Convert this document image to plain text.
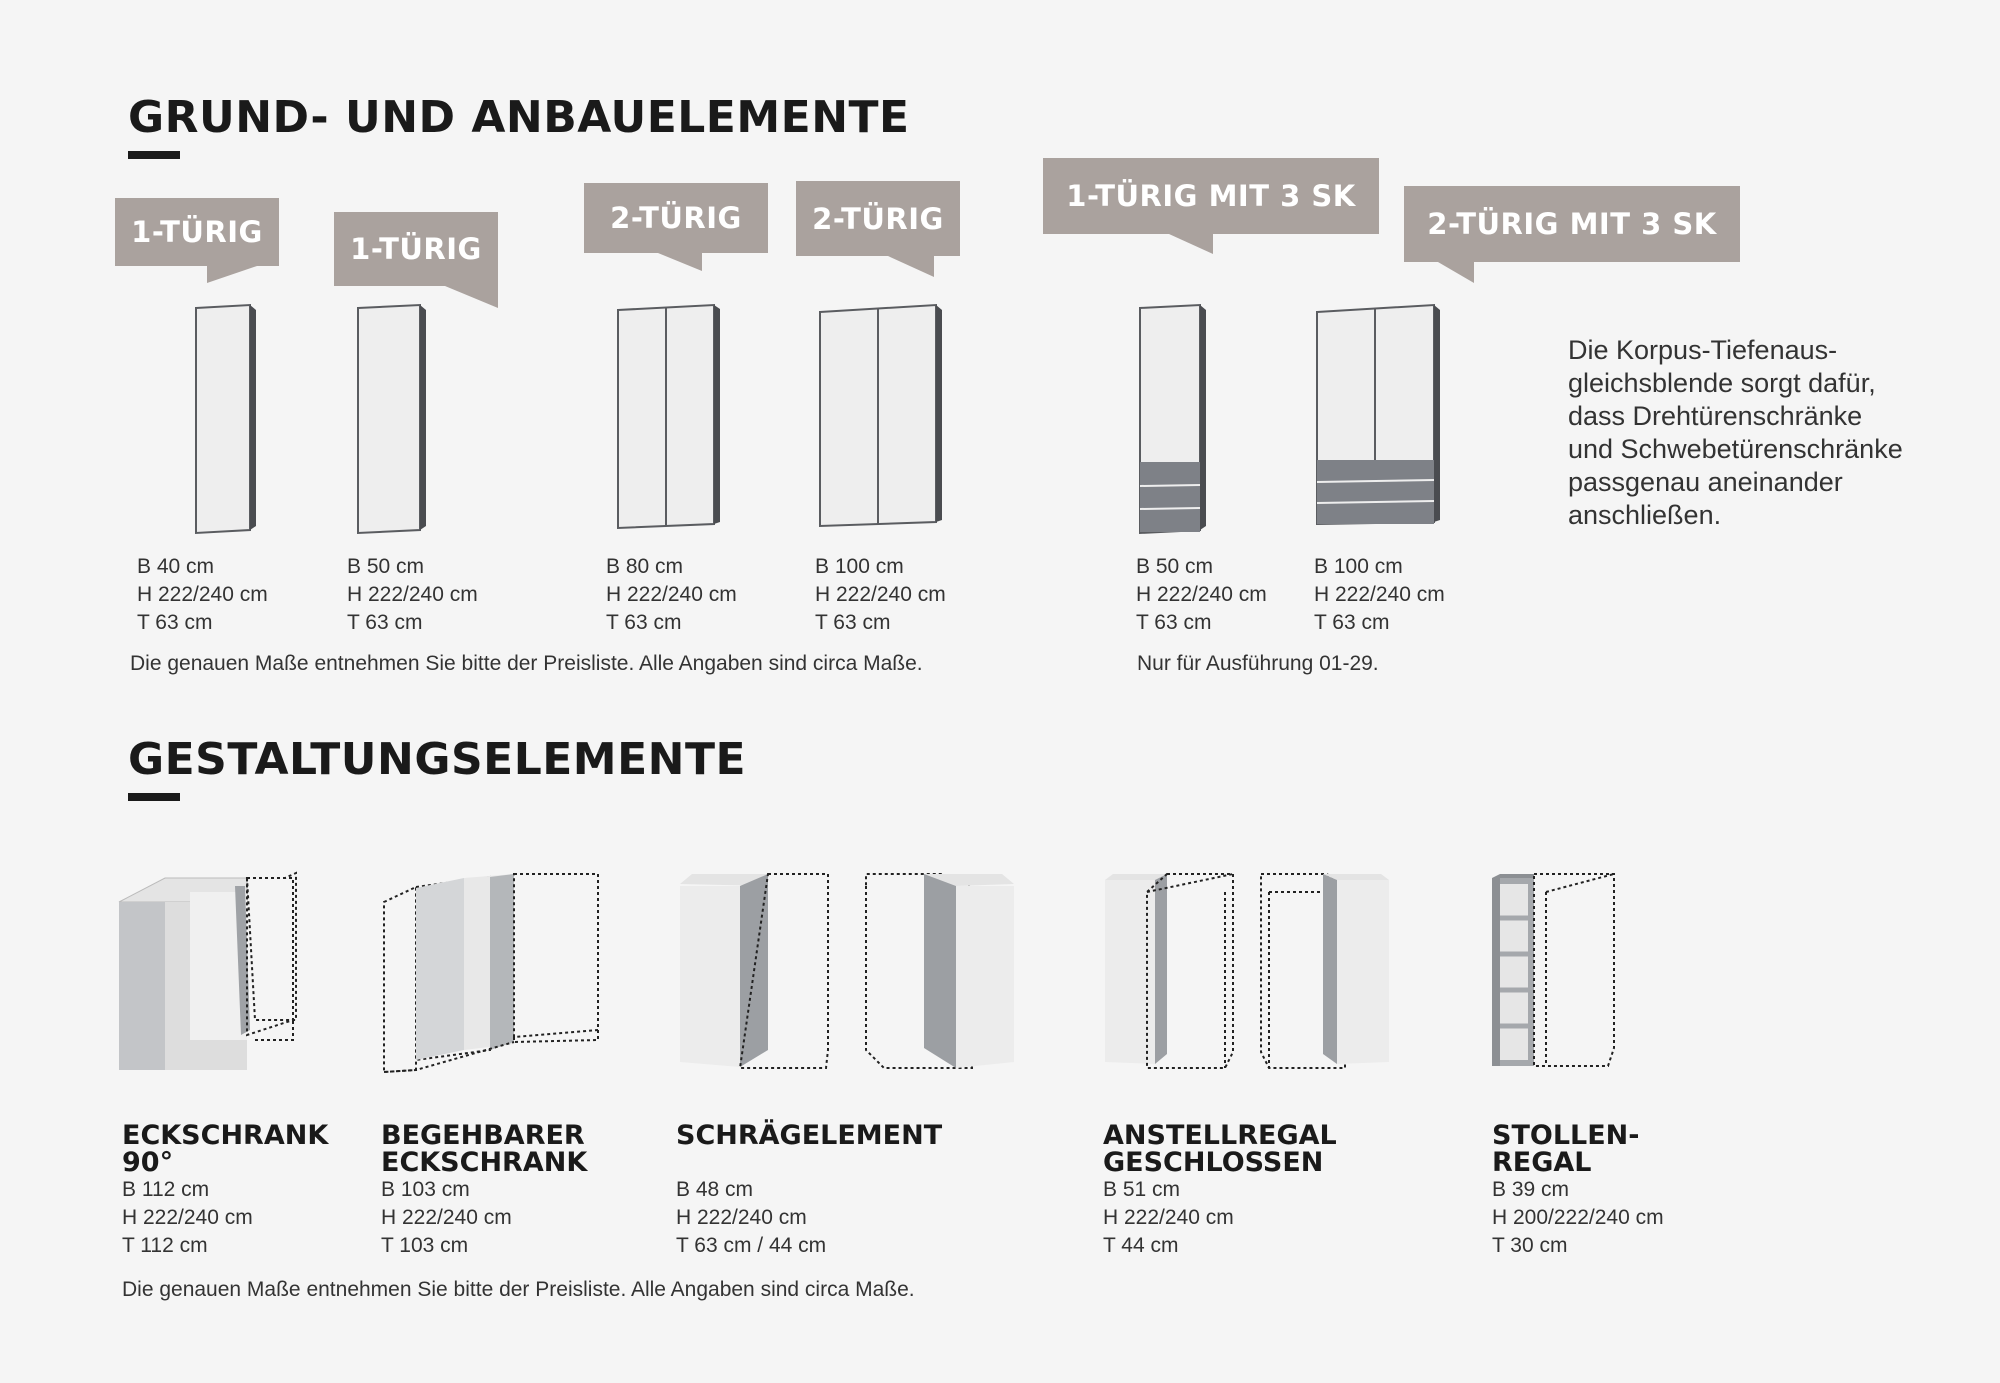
GRUND- UND ANBAUELEMENTE
1-TÜRIG	1-TÜRIG
2-TÜRIG 2-TÜRIG
1-TÜRIG MIT 3 SK
2-TÜRIG MIT 3 SK
B 40 cm
H 222/240 cm
T 63 cm
B 50 cm
H 222/240 cm
T 63 cm
B 80 cm
H 222/240 cm
T 63 cm
B 100 cm
H 222/240 cm
T 63 cm
B 50 cm
H 222/240 cm
T 63 cm
B 100 cm
H 222/240 cm
T 63 cm
Die genauen Maße entnehmen Sie bitte der Preisliste. Alle Angaben sind circa Maße.	Nur für Ausführung 01-29.
Die Korpus-Tiefenaus-
gleichsblende sorgt dafür,
dass Drehtürenschränke
und Schwebetürenschränke
passgenau aneinander
anschließen.
GESTALTUNGSELEMENTE
ECKSCHRANK
90°
B 112 cm
H 222/240 cm
T 112 cm
BEGEHBARER
ECKSCHRANK
B 103 cm
H 222/240 cm
T 103 cm
SCHRÄGELEMENT
B 48 cm
H 222/240 cm
T 63 cm / 44 cm
ANSTELLREGAL
GESCHLOSSEN
B 51 cm
H 222/240 cm
T 44 cm
STOLLEN-
REGAL
B 39 cm
H 200/222/240 cm
T 30 cm
Die genauen Maße entnehmen Sie bitte der Preisliste. Alle Angaben sind circa Maße.
